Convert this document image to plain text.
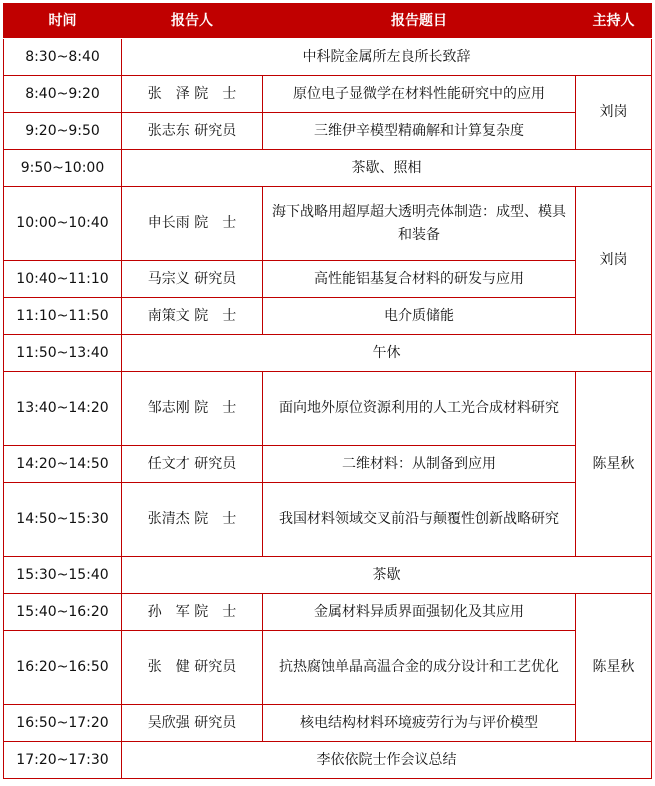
时间	报告人	报告题目	主持人
8:30~8:40	中科院金属所左良所长致辞		
8:40~9:20	张　泽 院　士	原位电子显微学在材料性能研究中的应用	刘岗
9:20~9:50	张志东 研究员	三维伊辛模型精确解和计算复杂度	
9:50~10:00	茶歇、照相		
10:00~10:40	申长雨 院　士	海下战略用超厚超大透明壳体制造：成型、模具和装备	刘岗
10:40~11:10	马宗义 研究员	高性能铝基复合材料的研发与应用	
11:10~11:50	南策文 院　士	电介质储能	
11:50~13:40	午休		
13:40~14:20	邹志刚 院　士	面向地外原位资源利用的人工光合成材料研究	陈星秋
14:20~14:50	任文才 研究员	二维材料：从制备到应用	
14:50~15:30	张清杰 院　士	我国材料领域交叉前沿与颠覆性创新战略研究	
15:30~15:40	茶歇		
15:40~16:20	孙　军 院　士	金属材料异质界面强韧化及其应用	陈星秋
16:20~16:50	张　健 研究员	抗热腐蚀单晶高温合金的成分设计和工艺优化	
16:50~17:20	吴欣强 研究员	核电结构材料环境疲劳行为与评价模型	
17:20~17:30	李依依院士作会议总结		
